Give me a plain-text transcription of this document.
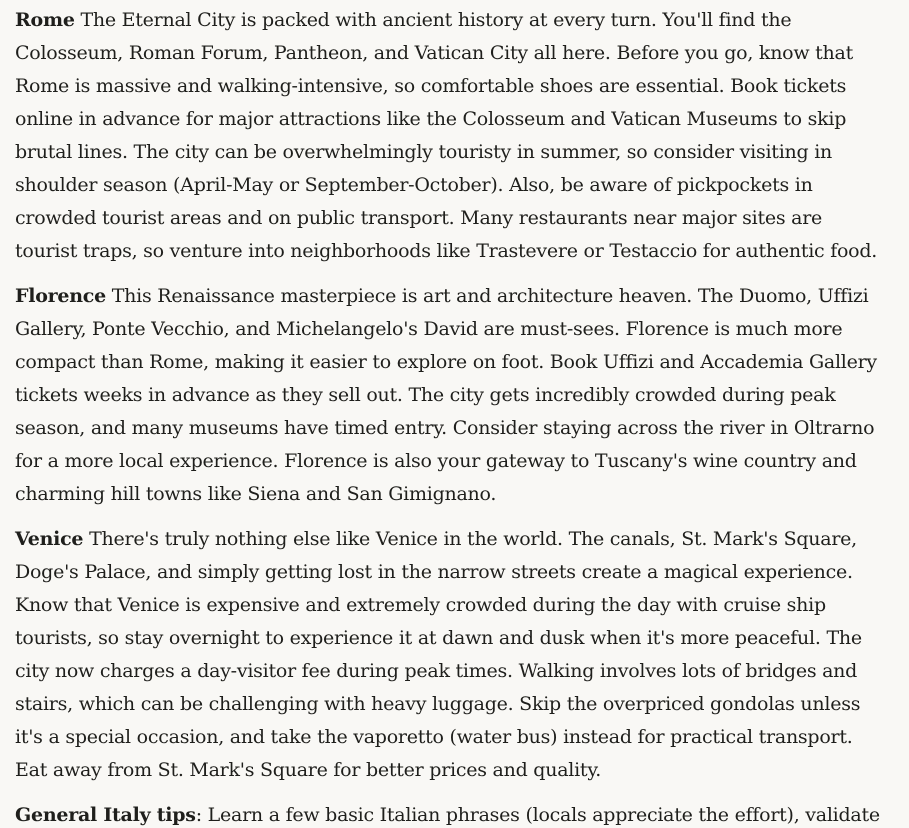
Rome The Eternal City is packed with ancient history at every turn. You'll find the Colosseum, Roman Forum, Pantheon, and Vatican City all here. Before you go, know that Rome is massive and walking-intensive, so comfortable shoes are essential. Book tickets online in advance for major attractions like the Colosseum and Vatican Museums to skip brutal lines. The city can be overwhelmingly touristy in summer, so consider visiting in shoulder season (April-May or September-October). Also, be aware of pickpockets in crowded tourist areas and on public transport. Many restaurants near major sites are tourist traps, so venture into neighborhoods like Trastevere or Testaccio for authentic food.

Florence This Renaissance masterpiece is art and architecture heaven. The Duomo, Uffizi Gallery, Ponte Vecchio, and Michelangelo's David are must-sees. Florence is much more compact than Rome, making it easier to explore on foot. Book Uffizi and Accademia Gallery tickets weeks in advance as they sell out. The city gets incredibly crowded during peak season, and many museums have timed entry. Consider staying across the river in Oltrarno for a more local experience. Florence is also your gateway to Tuscany's wine country and charming hill towns like Siena and San Gimignano.

Venice There's truly nothing else like Venice in the world. The canals, St. Mark's Square, Doge's Palace, and simply getting lost in the narrow streets create a magical experience. Know that Venice is expensive and extremely crowded during the day with cruise ship tourists, so stay overnight to experience it at dawn and dusk when it's more peaceful. The city now charges a day-visitor fee during peak times. Walking involves lots of bridges and stairs, which can be challenging with heavy luggage. Skip the overpriced gondolas unless it's a special occasion, and take the vaporetto (water bus) instead for practical transport. Eat away from St. Mark's Square for better prices and quality.

General Italy tips: Learn a few basic Italian phrases (locals appreciate the effort), validate
